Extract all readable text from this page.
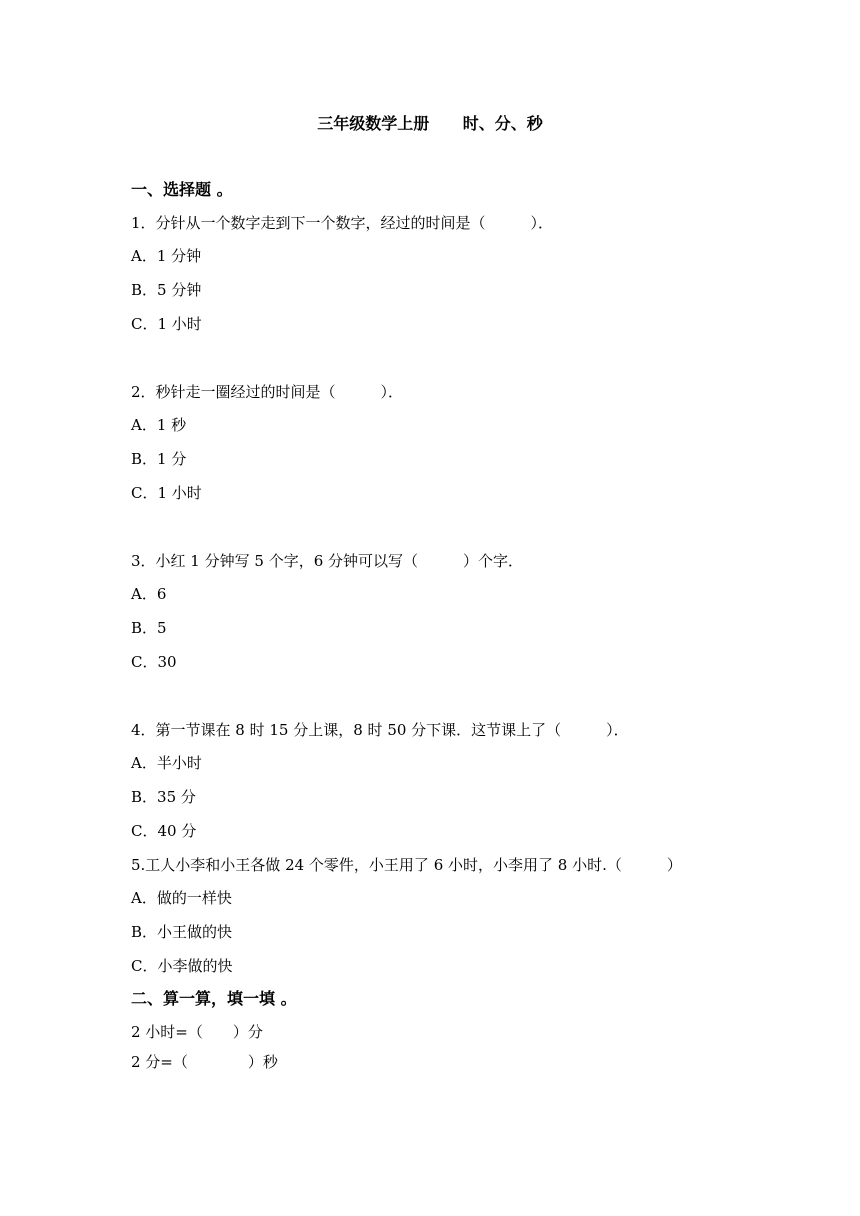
三年级数学上册      时、分、秒
一、选择题 。
1．分针从一个数字走到下一个数字，经过的时间是（　　　）．
A．1 分钟
B．5 分钟
C．1 小时
2．秒针走一圈经过的时间是（　　　）．
A．1 秒
B．1 分
C．1 小时
3．小红 1 分钟写 5 个字，6 分钟可以写（　　　）个字．
A．6
B．5
C．30
4．第一节课在 8 时 15 分上课，8 时 50 分下课．这节课上了（　　　）．
A．半小时
B．35 分
C．40 分
5.工人小李和小王各做 24 个零件，小王用了 6 小时，小李用了 8 小时.（　　　）
A．做的一样快
B．小王做的快
C．小李做的快
二、算一算，填一填 。
2 小时=（　　）分
2 分=（　　　　）秒
